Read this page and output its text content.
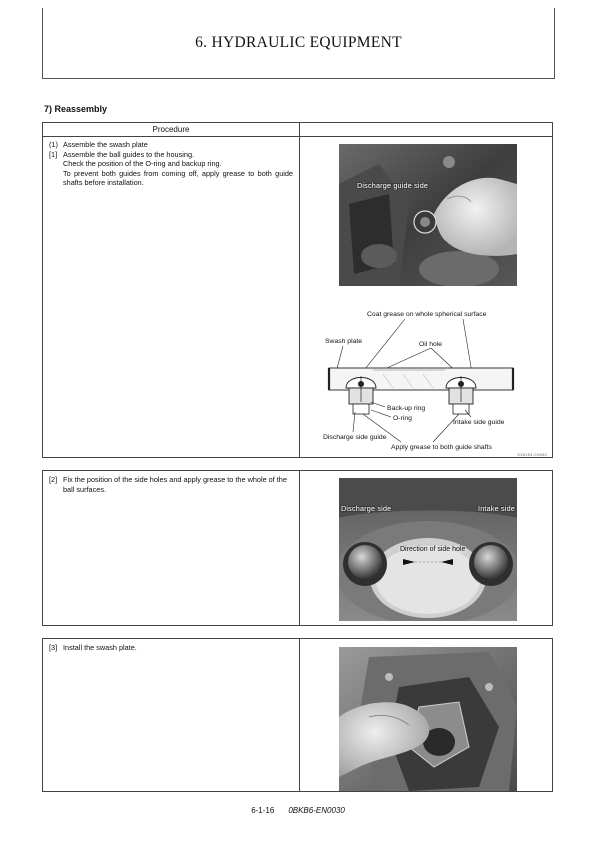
6. HYDRAULIC EQUIPMENT
7) Reassembly
Procedure
(1) Assemble the swash plate
[1] Assemble the ball guides to the housing.
Check the position of the O-ring and backup ring.
To prevent both guides from coming off, apply grease to both guide shafts before installation.	Discharge guide side
Coat grease on whole spherical surface
Swash plate	Oil hole
Back-up ring
O-ring
Intake side guide
Discharge side guide
Apply grease to both guide shafts
S38154-00850
[2] Fix the position of the side holes and apply grease to the whole of the ball surfaces.
Discharge side	Intake side
Direction of side hole
[3] Install the swash plate.
6-1-16 0BKB6-EN0030
